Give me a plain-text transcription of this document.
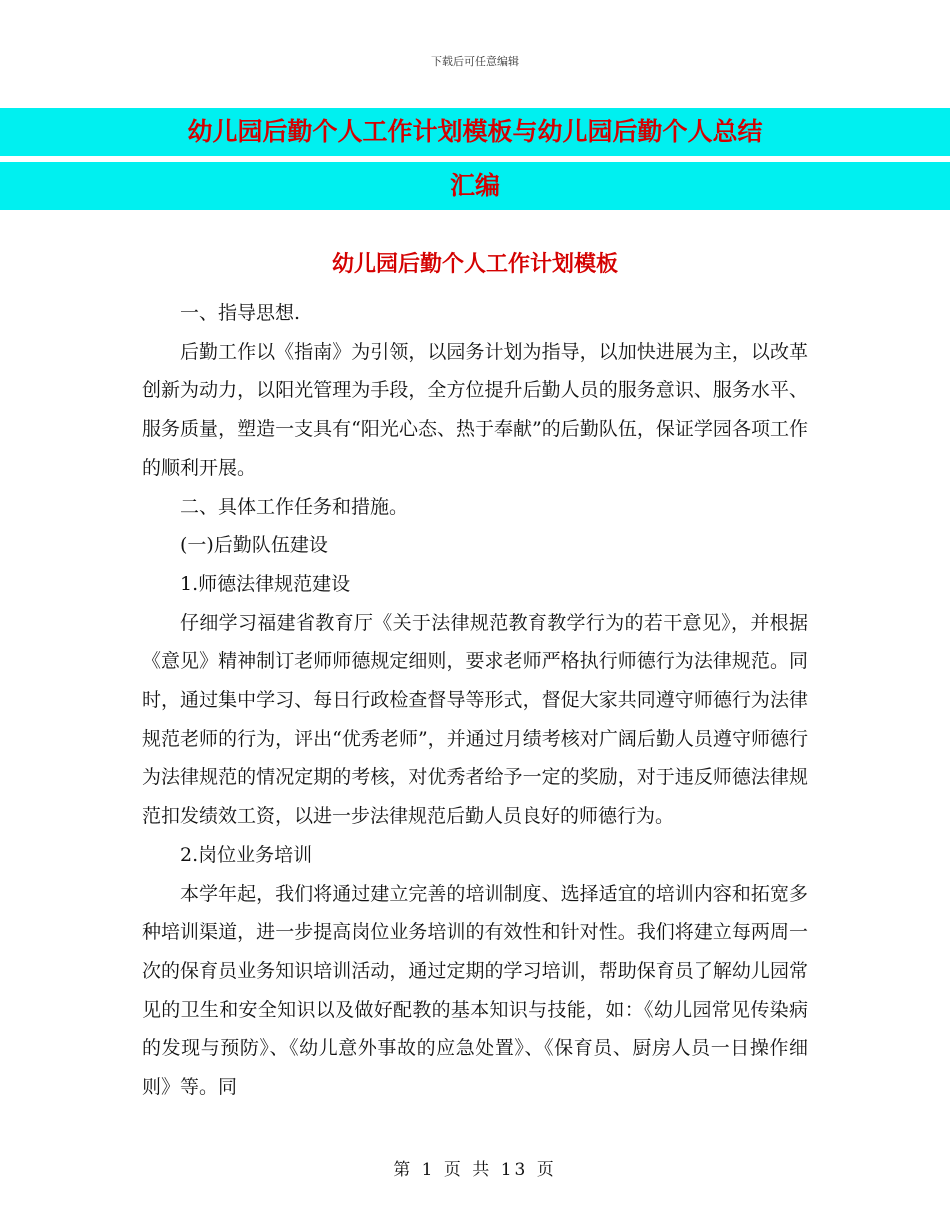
下载后可任意编辑
幼儿园后勤个人工作计划模板与幼儿园后勤个人总结
汇编
幼儿园后勤个人工作计划模板

一、指导思想.

后勤工作以《指南》为引领，以园务计划为指导，以加快进展为主，以改革创新为动力，以阳光管理为手段，全方位提升后勤人员的服务意识、服务水平、服务质量，塑造一支具有“阳光心态、热于奉献”的后勤队伍，保证学园各项工作的顺利开展。

二、具体工作任务和措施。

(一)后勤队伍建设

1.师德法律规范建设

仔细学习福建省教育厅《关于法律规范教育教学行为的若干意见》，并根据《意见》精神制订老师师德规定细则，要求老师严格执行师德行为法律规范。同时，通过集中学习、每日行政检查督导等形式，督促大家共同遵守师德行为法律规范老师的行为，评出“优秀老师”，并通过月绩考核对广阔后勤人员遵守师德行为法律规范的情况定期的考核，对优秀者给予一定的奖励，对于违反师德法律规范扣发绩效工资，以进一步法律规范后勤人员良好的师德行为。

2.岗位业务培训

本学年起，我们将通过建立完善的培训制度、选择适宜的培训内容和拓宽多种培训渠道，进一步提高岗位业务培训的有效性和针对性。我们将建立每两周一次的保育员业务知识培训活动，通过定期的学习培训，帮助保育员了解幼儿园常见的卫生和安全知识以及做好配教的基本知识与技能，如：《幼儿园常见传染病的发现与预防》、《幼儿意外事故的应急处置》、《保育员、厨房人员一日操作细则》等。同

第 1 页 共 13 页
